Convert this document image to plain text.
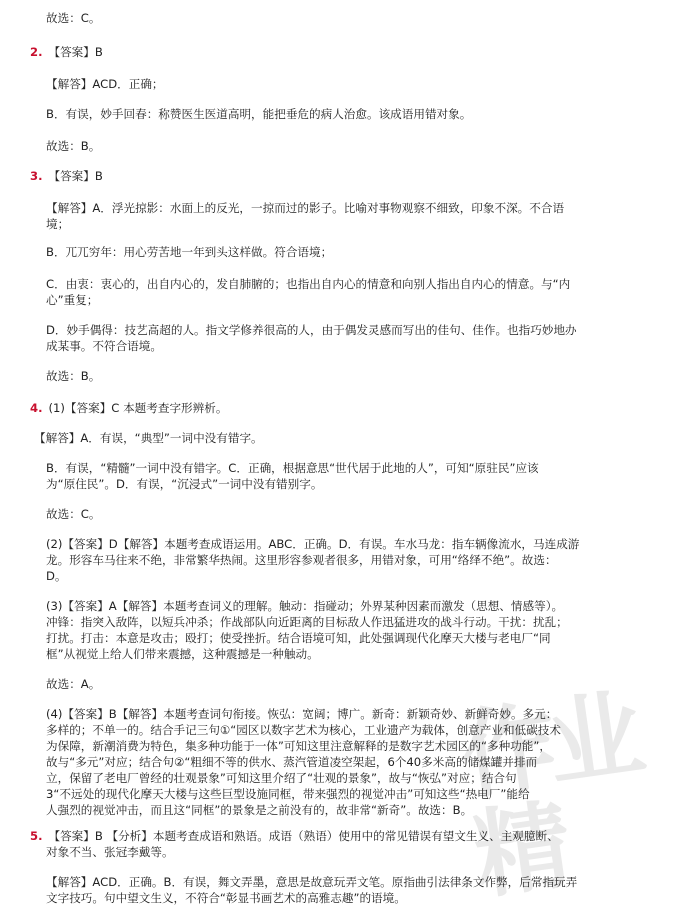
作业精
故选：C。
2. 【答案】B
【解答】ACD．正确；
B．有误，妙手回春：称赞医生医道高明，能把垂危的病人治愈。该成语用错对象。
故选：B。
3. 【答案】B
【解答】A．浮光掠影：水面上的反光，一掠而过的影子。比喻对事物观察不细致，印象不深。不合语
境；
B．兀兀穷年：用心劳苦地一年到头这样做。符合语境；
C．由衷：衷心的，出自内心的，发自肺腑的；也指出自内心的情意和向别人指出自内心的情意。与“内
心”重复；
D．妙手偶得：技艺高超的人。指文学修养很高的人，由于偶发灵感而写出的佳句、佳作。也指巧妙地办
成某事。不符合语境。
故选：B。
4. (1)【答案】C 本题考查字形辨析。
【解答】A．有误，“典型”一词中没有错字。
B．有误，“精髓”一词中没有错字。C．正确，根据意思“世代居于此地的人”，可知“原驻民”应该
为“原住民”。D．有误，“沉浸式”一词中没有错别字。
故选：C。
(2)【答案】D【解答】本题考查成语运用。ABC．正确。D．有误。车水马龙：指车辆像流水，马连成游
龙。形容车马往来不绝，非常繁华热闹。这里形容参观者很多，用错对象，可用“络绎不绝”。故选：
D。
(3)【答案】A【解答】本题考查词义的理解。触动：指碰动；外界某种因素而激发（思想、情感等）。
冲锋：指突入敌阵，以短兵冲杀；作战部队向近距离的目标敌人作迅猛进攻的战斗行动。干扰：扰乱；
打扰。打击：本意是攻击；殴打；使受挫折。结合语境可知，此处强调现代化摩天大楼与老电厂“同
框”从视觉上给人们带来震撼，这种震撼是一种触动。
故选：A。
(4)【答案】B【解答】本题考查词句衔接。恢弘：宽阔；博广。新奇：新颖奇妙、新鲜奇妙。多元：
多样的；不单一的。结合手记三句①“园区以数字艺术为核心，工业遗产为载体，创意产业和低碳技术
为保障，新潮消费为特色，集多种功能于一体”可知这里注意解释的是数字艺术园区的“多种功能”，
故与“多元”对应；结合句②“粗细不等的供水、蒸汽管道凌空架起，6个40多米高的储煤罐并排而
立，保留了老电厂曾经的壮观景象”可知这里介绍了“壮观的景象”，故与“恢弘”对应；结合句
3“不远处的现代化摩天大楼与这些巨型设施同框，带来强烈的视觉冲击”可知这些“热电厂”能给
人强烈的视觉冲击，而且这“同框”的景象是之前没有的，故非常“新奇”。故选：B。
5. 【答案】B 【分析】本题考查成语和熟语。成语（熟语）使用中的常见错误有望文生义、主观臆断、
对象不当、张冠李戴等。
【解答】ACD．正确。B．有误，舞文弄墨，意思是故意玩弄文笔。原指曲引法律条文作弊，后常指玩弄
文字技巧。句中望文生义，不符合“彰显书画艺术的高雅志趣”的语境。
